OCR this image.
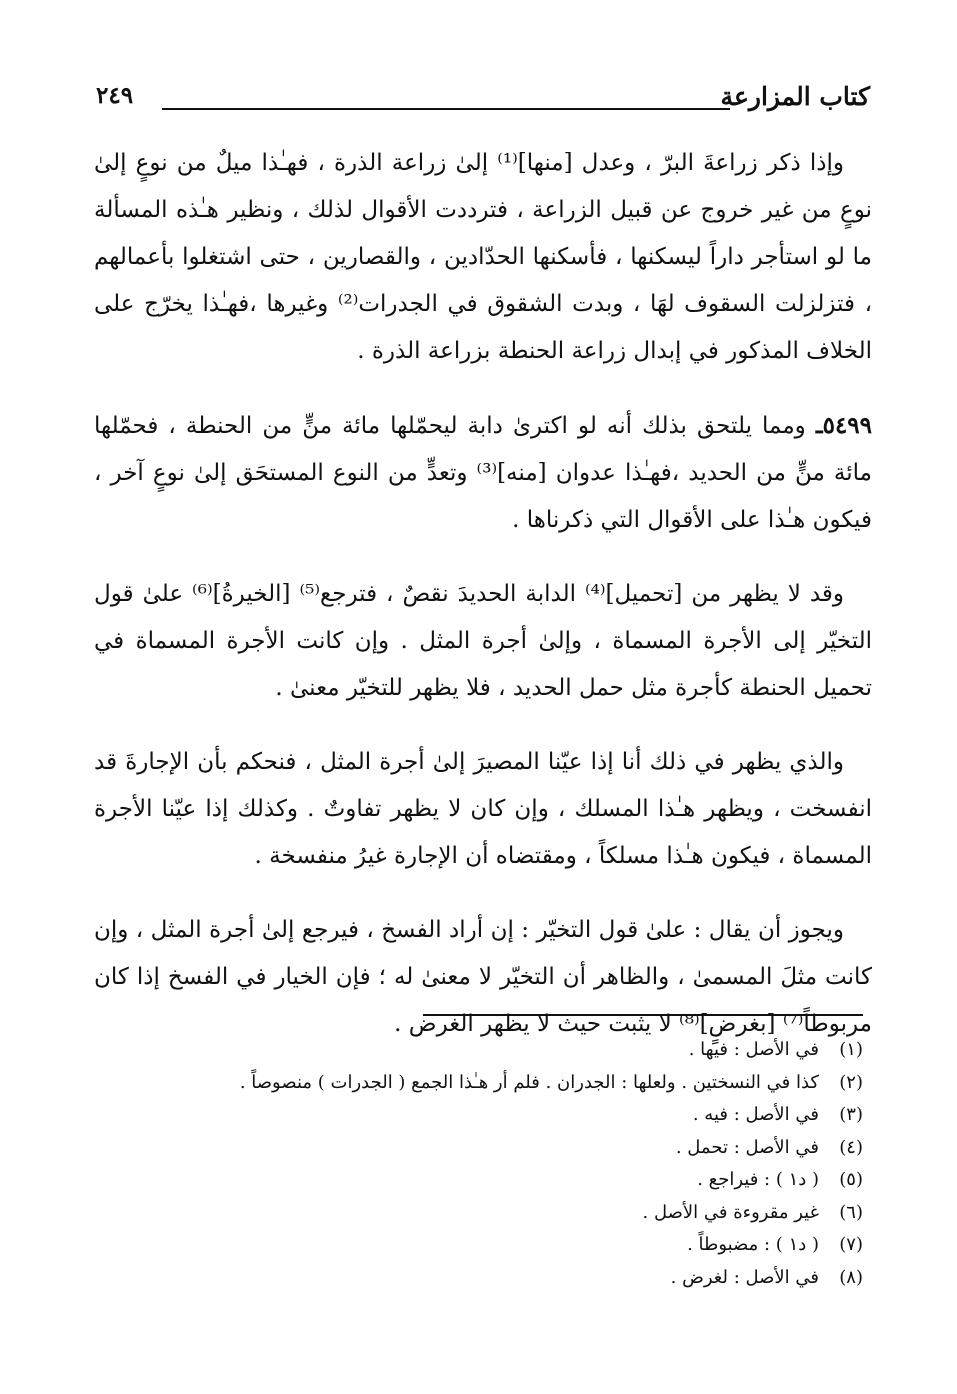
كتاب المزارعة
٢٤٩

وإذا ذكر زراعةَ البرّ ، وعدل [منها]⁽¹⁾ إلىٰ زراعة الذرة ، فهـٰذا ميلٌ من نوعٍ إلىٰ نوعٍ من غير خروج عن قبيل الزراعة ، فترددت الأقوال لذلك ، ونظير هـٰذه المسألة ما لو استأجر داراً ليسكنها ، فأسكنها الحدّادين ، والقصارين ، حتى اشتغلوا بأعمالهم ، فتزلزلت السقوف لهَا ، وبدت الشقوق في الجدرات⁽²⁾ وغيرها ،فهـٰذا يخرّج على الخلاف المذكور في إبدال زراعة الحنطة بزراعة الذرة .

٥٤٩٩ـ ومما يلتحق بذلك أنه لو اكترىٰ دابة ليحمّلها مائة منٍّ من الحنطة ، فحمّلها مائة منٍّ من الحديد ،فهـٰذا عدوان [منه]⁽³⁾ وتعدٍّ من النوع المستحَق إلىٰ نوعٍ آخر ، فيكون هـٰذا على الأقوال التي ذكرناها .

وقد لا يظهر من [تحميل]⁽⁴⁾ الدابة الحديدَ نقصٌ ، فترجع⁽⁵⁾ [الخيرةُ]⁽⁶⁾ علىٰ قول التخيّر إلى الأجرة المسماة ، وإلىٰ أجرة المثل . وإن كانت الأجرة المسماة في تحميل الحنطة كأجرة مثل حمل الحديد ، فلا يظهر للتخيّر معنىٰ .

والذي يظهر في ذلك أنا إذا عيّنا المصيرَ إلىٰ أجرة المثل ، فنحكم بأن الإجارةَ قد انفسخت ، ويظهر هـٰذا المسلك ، وإن كان لا يظهر تفاوتٌ . وكذلك إذا عيّنا الأجرة المسماة ، فيكون هـٰذا مسلكاً ، ومقتضاه أن الإجارة غيرُ منفسخة .

ويجوز أن يقال : علىٰ قول التخيّر : إن أراد الفسخ ، فيرجع إلىٰ أجرة المثل ، وإن كانت مثلَ المسمىٰ ، والظاهر أن التخيّر لا معنىٰ له ؛ فإن الخيار في الفسخ إذا كان مربوطاً⁽⁷⁾ [بغرضٍ]⁽⁸⁾ لا يثبت حيث لا يظهر الغرض .

(١)
في الأصل : فيها .
(٢)
كذا في النسختين . ولعلها : الجدران . فلم أر هـٰذا الجمع ( الجدرات ) منصوصاً .
(٣)
في الأصل : فيه .
(٤)
في الأصل : تحمل .
(٥)
( د١ ) : فيراجع .
(٦)
غير مقروءة في الأصل .
(٧)
( د١ ) : مضبوطاً .
(٨)
في الأصل : لغرض .
